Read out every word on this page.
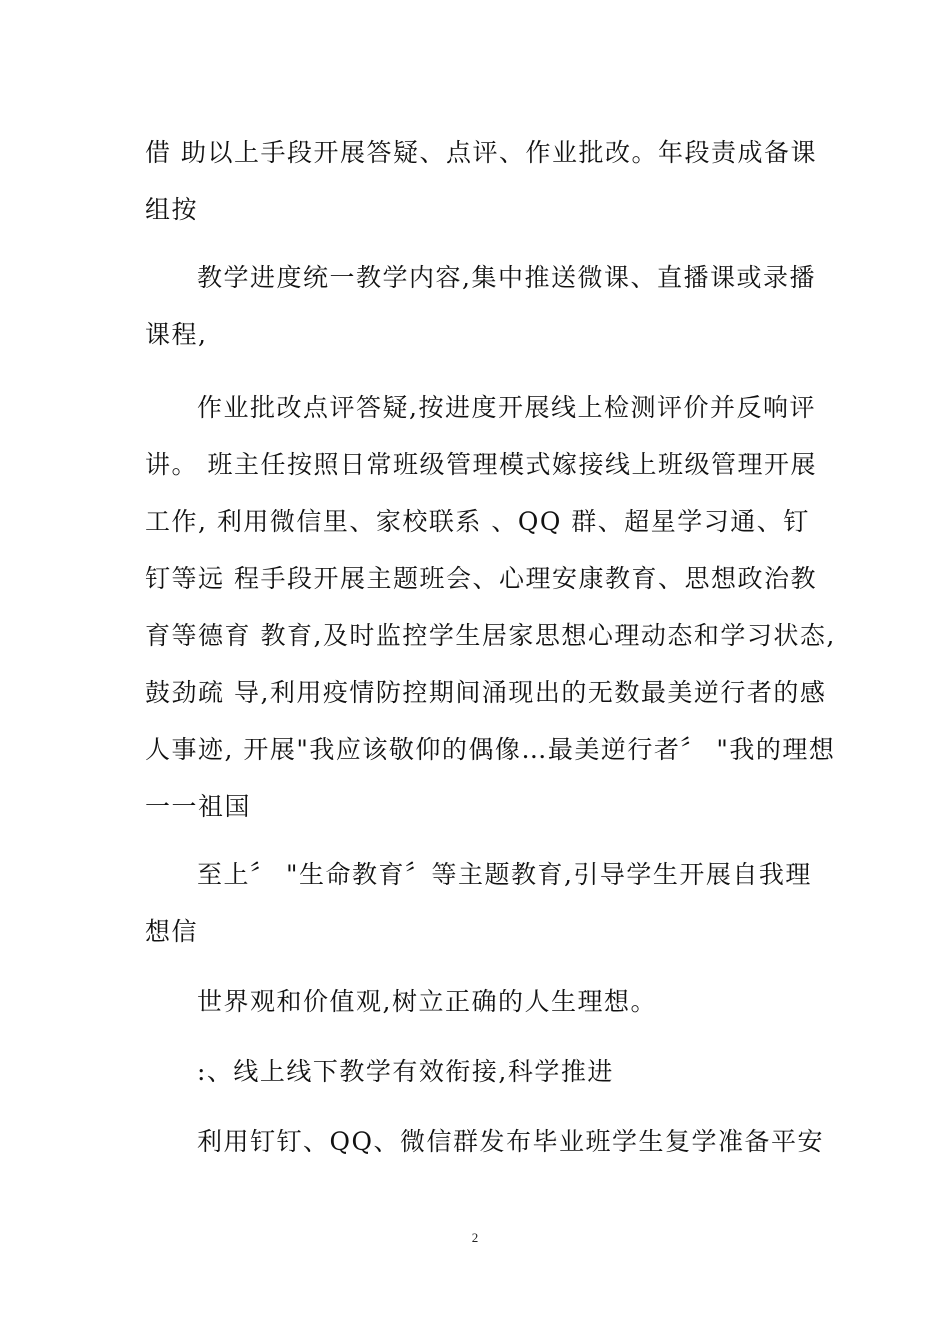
借 助以上手段开展答疑、点评、作业批改。年段责成备课
组按
教学进度统一教学内容,集中推送微课、直播课或录播
课程,
作业批改点评答疑,按进度开展线上检测评价并反响评
讲。 班主任按照日常班级管理模式嫁接线上班级管理开展
工作, 利用微信里、家校联系 、QQ 群、超星学习通、钉
钉等远 程手段开展主题班会、心理安康教育、思想政治教
育等德育 教育,及时监控学生居家思想心理动态和学习状态,
鼓劲疏 导,利用疫情防控期间涌现出的无数最美逆行者的感
人事迹, 开展"我应该敬仰的偶像…最美逆行者〞 "我的理想
一一祖国
至上〞 "生命教育〞等主题教育,引导学生开展自我理
想信
世界观和价值观,树立正确的人生理想。
:、线上线下教学有效衔接,科学推进
利用钉钉、QQ、微信群发布毕业班学生复学准备平安
2
